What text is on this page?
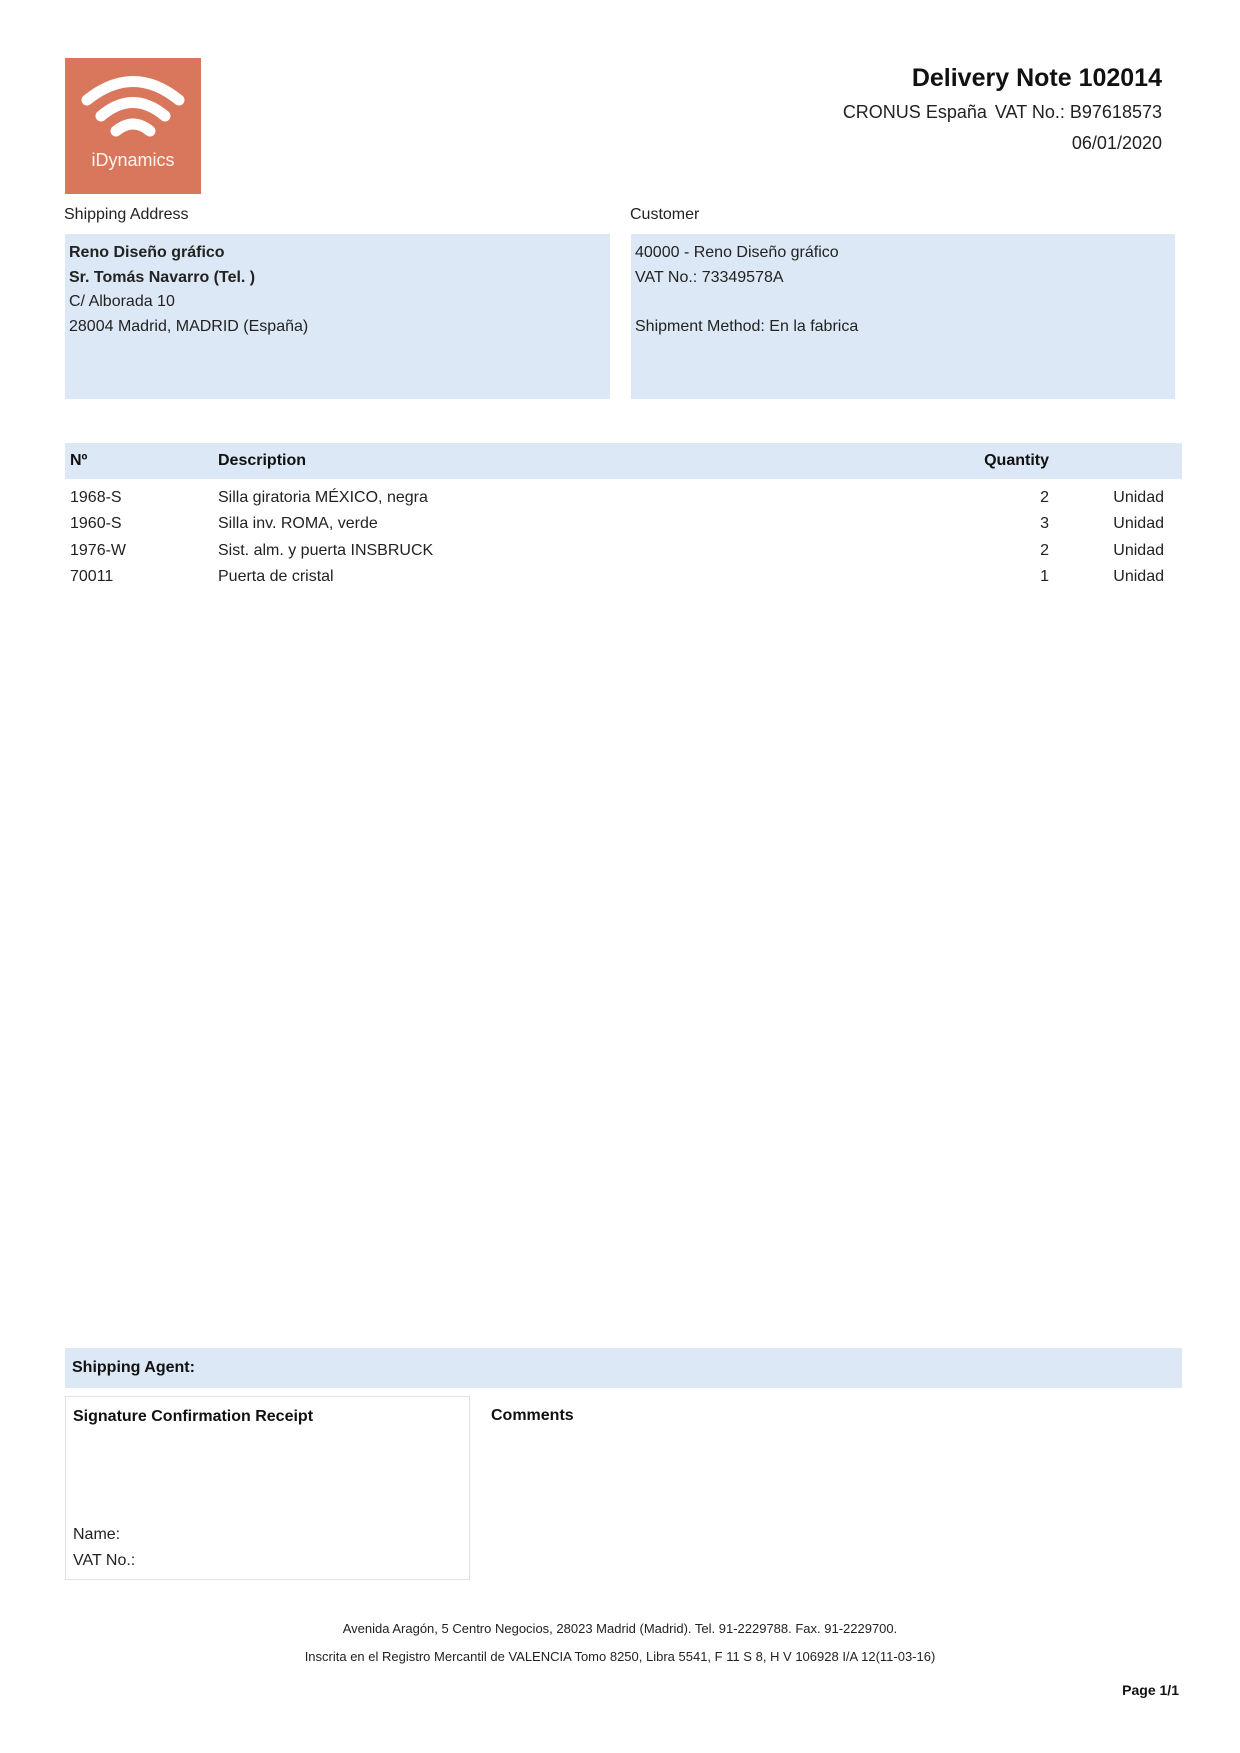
iDynamics
Delivery Note 102014
CRONUS España VAT No.: B97618573
06/01/2020
Shipping Address
Reno Diseño gráfico
Sr. Tomás Navarro (Tel. )
C/ Alborada 10
28004 Madrid, MADRID (España)
Customer
40000 - Reno Diseño gráfico
VAT No.: 73349578A
Shipment Method: En la fabrica
Nº	Description	Quantity
1968-S	Silla giratoria MÉXICO, negra	2	Unidad
1960-S	Silla inv. ROMA, verde	3	Unidad
1976-W	Sist. alm. y puerta INSBRUCK	2	Unidad
70011	Puerta de cristal	1	Unidad
Shipping Agent:
Signature Confirmation Receipt
Name:
VAT No.:
Comments
Avenida Aragón, 5 Centro Negocios, 28023 Madrid (Madrid). Tel. 91-2229788. Fax. 91-2229700.
Inscrita en el Registro Mercantil de VALENCIA Tomo 8250, Libra 5541, F 11 S 8, H V 106928 I/A 12(11-03-16)
Page 1/1
